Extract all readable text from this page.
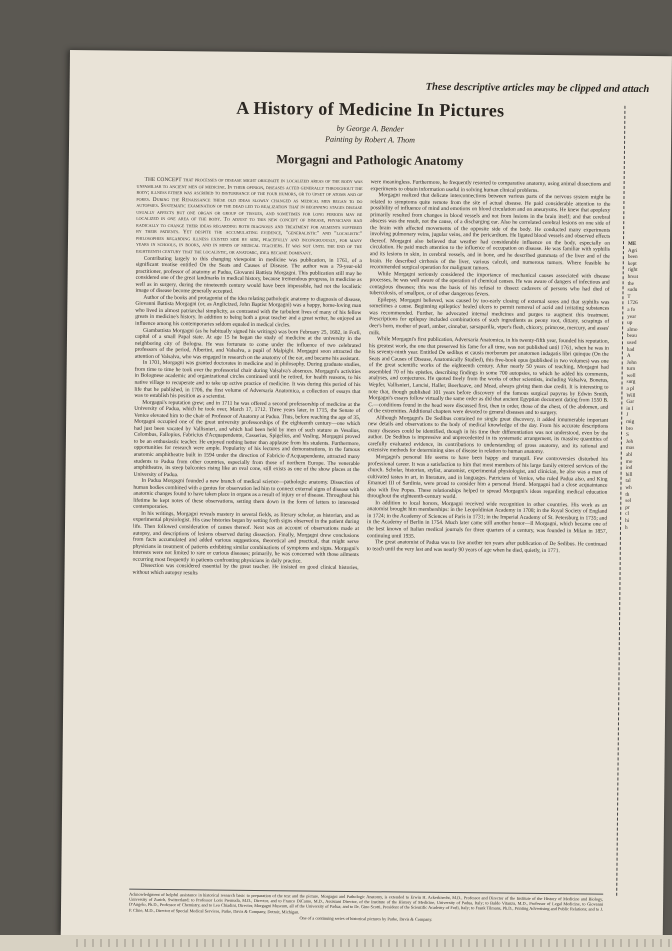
These descriptive articles may be clipped and attach
A History of Medicine In Pictures
by George A. Bender
Painting by Robert A. Thom
Morgagni and Pathologic Anatomy

THE CONCEPT that processes of disease might originate in localized areas of the body was unfamiliar to ancient men of medicine. In their opinion, diseases acted generally throughout the body; illness either was ascribed to disturbance of the four humors, or to upset of atoms and of pores. During the Renaissance these old ideas slowly changed as medical men began to do autopsies. Systematic examination of the dead led to realization that in beginning stages disease usually affects but one organ or group of tissues, and sometimes for long periods may be localized in one area of the body. To adjust to this new concept of disease, physicians had radically to change their ideas regarding both diagnosis and treatment for ailments suffered by their patients. Yet despite the accumulating evidence, "generalistic" and "localistic" philosophies regarding illness existed side by side, peacefully and incongruously, for many years in schools, in books, and in minds of medical teachers. It was not until the end of the eighteenth century that the localistic, or anatomic, idea became dominant.

Contributing largely to this changing viewpoint in medicine was publication, in 1761, of a significant treatise entitled On the Seats and Causes of Disease. The author was a 79-year-old practitioner, professor of anatomy at Padua, Giovanni Battista Morgagni. This publication still may be considered one of the great landmarks in medical history, because tremendous progress, in medicine as well as in surgery, during the nineteenth century would have been impossible, had not the localistic image of disease become generally accepted.

Author of the books and protagonist of the idea relating pathologic anatomy to diagnosis of disease, Giovanni Battista Morgagni (or, as Anglicized, John Baptist Morgagni) was a happy, home-loving man who lived in almost patriarchal simplicity, as contrasted with the turbulent lives of many of his fellow greats in medicine's history. In addition to being both a great teacher and a great writer, he enjoyed an influence among his contemporaries seldom equaled in medical circles.

Giambattista Morgagni (as he habitually signed his writings) was born February 25, 1682, in Forlì, capital of a small Papal state. At age 15 he began the study of medicine at the university in the neighboring city of Bologna. He was fortunate to come under the influence of two celebrated professors of the period, Albertini, and Valsalva, a pupil of Malpighi. Morgagni soon attracted the attention of Valsalva, who was engaged in research on the anatomy of the ear, and became his assistant.

In 1701, Morgagni was granted doctorates in medicine and in philosophy. During graduate studies, from time to time he took over the professorial chair during Valsalva's absences. Morgagni's activities in Bolognese academic and organizational circles continued until he retired, for health reasons, to his native village to recuperate and to take up active practice of medicine. It was during this period of his life that he published, in 1706, the first volume of Adversaria Anatomica, a collection of essays that was to establish his position as a scientist.

Morgagni's reputation grew; and in 1711 he was offered a second professorship of medicine at the University of Padua, which he took over, March 17, 1712. Three years later, in 1715, the Senate of Venice elevated him to the chair of Professor of Anatomy at Padua. Thus, before reaching the age of 35, Morgagni occupied one of the great university professorships of the eighteenth century—one which had just been vacated by Vallisnieri, and which had been held by men of such stature as Vesalius, Colombus, Fallopius, Fabricius d'Acquapendente, Casserius, Spigelius, and Vesling. Morgagni proved to be an enthusiastic teacher. He enjoyed nothing better than applause from his students. Furthermore, opportunities for research were ample. Popularity of his lectures and demonstrations, in the famous anatomic amphitheatre built in 1594 under the direction of Fabricio d'Acquapendente, attracted many students to Padua from other countries, especially from those of northern Europe. The venerable amphitheatre, its steep balconies rising like an oval cone, still exists as one of the show places at the University of Padua.

In Padua Morgagni founded a new branch of medical science—pathologic anatomy. Dissection of human bodies combined with a genius for observation led him to connect external signs of disease with anatomic changes found to have taken place in organs as a result of injury or of disease. Throughout his lifetime he kept notes of these observations, setting them down in the form of letters to interested contemporaries.

In his writings, Morgagni reveals mastery in several fields, as literary scholar, as historian, and as experimental physiologist. His case histories began by setting forth signs observed in the patient during life. Then followed consideration of causes thereof. Next was an account of observations made at autopsy, and descriptions of lesions observed during dissection. Finally, Morgagni drew conclusions from facts accumulated and added various suggestions, theoretical and practical, that might serve physicians in treatment of patients exhibiting similar combinations of symptoms and signs. Morgagni's interests were not limited to rare or curious diseases; primarily, he was concerned with those ailments occurring most frequently in patients confronting physicians in daily practice.

Dissection was considered essential by the great teacher. He insisted on good clinical histories, without which autopsy results

were meaningless. Furthermore, he frequently resorted to comparative anatomy, using animal dissections and experiments to obtain information useful in solving human clinical problems.

Morgagni realized that delicate interconnections between various parts of the nervous system might be related to symptoms quite remote from the site of actual disease. He paid considerable attention to the possibility of influence of mind and emotions on blood circulation and on aneurysms. He knew that apoplexy primarily resulted from changes in blood vessels and not from lesions in the brain itself; and that cerebral abscess was the result, not the cause, of a discharging ear. Also he correlated cerebral lesions on one side of the brain with affected movements of the opposite side of the body. He conducted many experiments involving pulmonary veins, jugular veins, and the pericardium. He ligated blood vessels and observed effects thereof. Morgagni also believed that weather had considerable influence on the body, especially on circulation. He paid much attention to the influence of occupation on disease. He was familiar with syphilis and its lesions in skin, in cerebral vessels, and in bone, and he described gummata of the liver and of the brain. He described cirrhosis of the liver, various calculi, and numerous tumors. Where feasible he recommended surgical operation for malignant tumors.

While Morgagni seriously considered the importance of mechanical causes associated with disease processes, he was well aware of the operation of chemical causes. He was aware of dangers of infectious and contagious diseases; this was the basis of his refusal to dissect cadavers of persons who had died of tuberculosis, of smallpox, or of other dangerous fevers.

Epilepsy, Morgagni believed, was caused by too-early closing of external sores and that syphilis was sometimes a cause. Beginning epileptics' healed ulcers to permit removal of acrid and irritating substances was recommended. Further, he advocated internal medicines and purges to augment this treatment. Prescriptions for epilepsy included combinations of such ingredients as peony root, dittany, scrapings of deer's horn, mother of pearl, amber, cinnabar, sarsaparilla, viper's flesh, chicory, primrose, mercury, and asses' milk.

While Morgagni's first publication, Adversaria Anatomica, in his twenty-fifth year, founded his reputation, his greatest work, the one that preserved his fame for all time, was not published until 1761, when he was in his seventy-ninth year. Entitled De sedibus et causis morborum per anatomen indagatis libri quinque (On the Seats and Causes of Disease, Anatomically Studied), this five-book opus (published in two volumes) was one of the great scientific works of the eighteenth century. After nearly 50 years of teaching, Morgagni had assembled 70 of his epistles, describing findings in some 700 autopsies, to which he added his comments, analyses, and conjectures. He quoted freely from the works of other scientists, including Valsalva, Bonetus, Wepfer, Vallisnieri, Lancisi, Haller, Boerhaave, and Mead, always giving them due credit. It is interesting to note that, though published 101 years before discovery of the famous surgical papyrus by Edwin Smith, Morgagni's essays follow virtually the same order as did that ancient Egyptian document dating from 1550 B. C.—conditions found in the head were discussed first, then in order, those of the chest, of the abdomen, and of the extremities. Additional chapters were devoted to general diseases and to surgery.

Although Morgagni's De Sedibus contained no single great discovery, it added innumerable important new details and observations to the body of medical knowledge of the day. From his accurate descriptions many diseases could be identified, though in his time their differentiation was not understood, even by the author. De Sedibus is impressive and unprecedented in its systematic arrangement, its massive quantities of carefully evaluated evidence, its contributions to understanding of gross anatomy, and its rational and extensive methods for determining sites of disease in relation to human anatomy.

Morgagni's personal life seems to have been happy and tranquil. Few controversies disturbed his professional career. It was a satisfaction to him that most members of his large family entered services of the church. Scholar, historian, stylist, anatomist, experimental physiologist, and clinician, he also was a man of cultivated tastes in art, in literature, and in languages. Patricians of Venice, who ruled Padua also, and King Emanuel III of Sardinia, were proud to consider him a personal friend. Morgagni had a close acquaintance also with five Popes. These relationships helped to spread Morgagni's ideas regarding medical education throughout the eighteenth-century world.

In addition to local honors, Morgagni received wide recognition in other countries. His work as an anatomist brought him memberships: in the Leopoldinian Academy in 1708; in the Royal Society of England in 1724; in the Academy of Sciences of Paris in 1731; in the Imperial Academy of St. Petersburg in 1735; and in the Academy of Berlin in 1754. Much later came still another honor—Il Morgagni, which became one of the best known of Italian medical journals for three quarters of a century, was founded in Milan in 1857, continuing until 1935.

The great anatomist of Padua was to live another ten years after publication of De Sedibus. He continued to teach until the very last and was nearly 90 years of age when he died, quietly, in 1771.

Acknowledgment of helpful assistance in historical research basic to preparation of the text and the picture, Morgagni and Pathologic Anatomy, is extended to Erwin H. Ackerknecht, M.D., Professor and Director of the Institute of the History of Medicine and Biology, University of Zurich, Switzerland; to Professor Loris Premuda, M.D., Director, and to Franco DiCamo, M.D., Assistant Director, of the Institute of the History of Medicine, University of Padua, Italy; to Baldo Vitanza, M.D., Professor of Legal Medicine, to Giovanni D'Angelo, Ph.D., Professor of Chemistry, and to Leo Chiadini, Director, Morgagni Museum, all of the University of Padua; and to Dr. Gino Scotti, President of the Scientific Academy of Forlì, Italy; to Frank Tilmans, Ph.D., Printing Advertising and Public Relations; and to J. P. Cline, M.D., Director of Special Medical Services, Parke, Davis & Company, Detroit, Michigan.

One of a continuing series of historical pictures by Parke, Davis & Company.

ME
Agri
been
kept
right
breat
the
sudu
T
1726
a fo
year
up
almo
beau
used
had
A
John
turn
well
surg
a pl
Will
Gar
in I
J
mig
bro
S
Joh
mas
abl
mo
ind
bill
tal
wh
th
sel
pr
cl
hi
h
